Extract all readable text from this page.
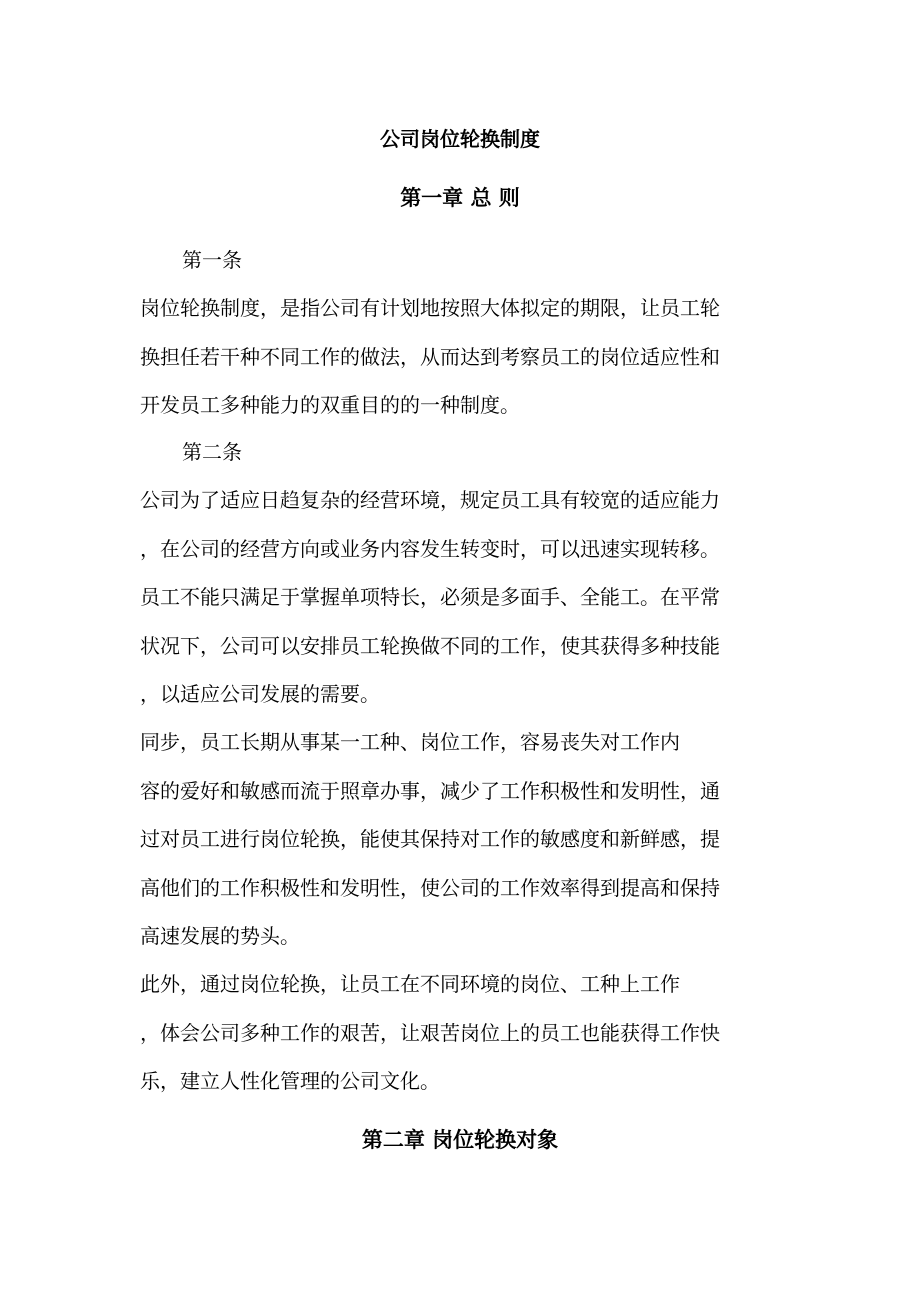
公司岗位轮换制度
第一章 总 则
第一条
岗位轮换制度，是指公司有计划地按照大体拟定的期限，让员工轮
换担任若干种不同工作的做法，从而达到考察员工的岗位适应性和
开发员工多种能力的双重目的的一种制度。
第二条
公司为了适应日趋复杂的经营环境，规定员工具有较宽的适应能力
，在公司的经营方向或业务内容发生转变时，可以迅速实现转移。
员工不能只满足于掌握单项特长，必须是多面手、全能工。在平常
状况下，公司可以安排员工轮换做不同的工作，使其获得多种技能
，以适应公司发展的需要。
同步，员工长期从事某一工种、岗位工作，容易丧失对工作内
容的爱好和敏感而流于照章办事，减少了工作积极性和发明性，通
过对员工进行岗位轮换，能使其保持对工作的敏感度和新鲜感，提
高他们的工作积极性和发明性，使公司的工作效率得到提高和保持
高速发展的势头。
此外，通过岗位轮换，让员工在不同环境的岗位、工种上工作
，体会公司多种工作的艰苦，让艰苦岗位上的员工也能获得工作快
乐，建立人性化管理的公司文化。
第二章 岗位轮换对象
